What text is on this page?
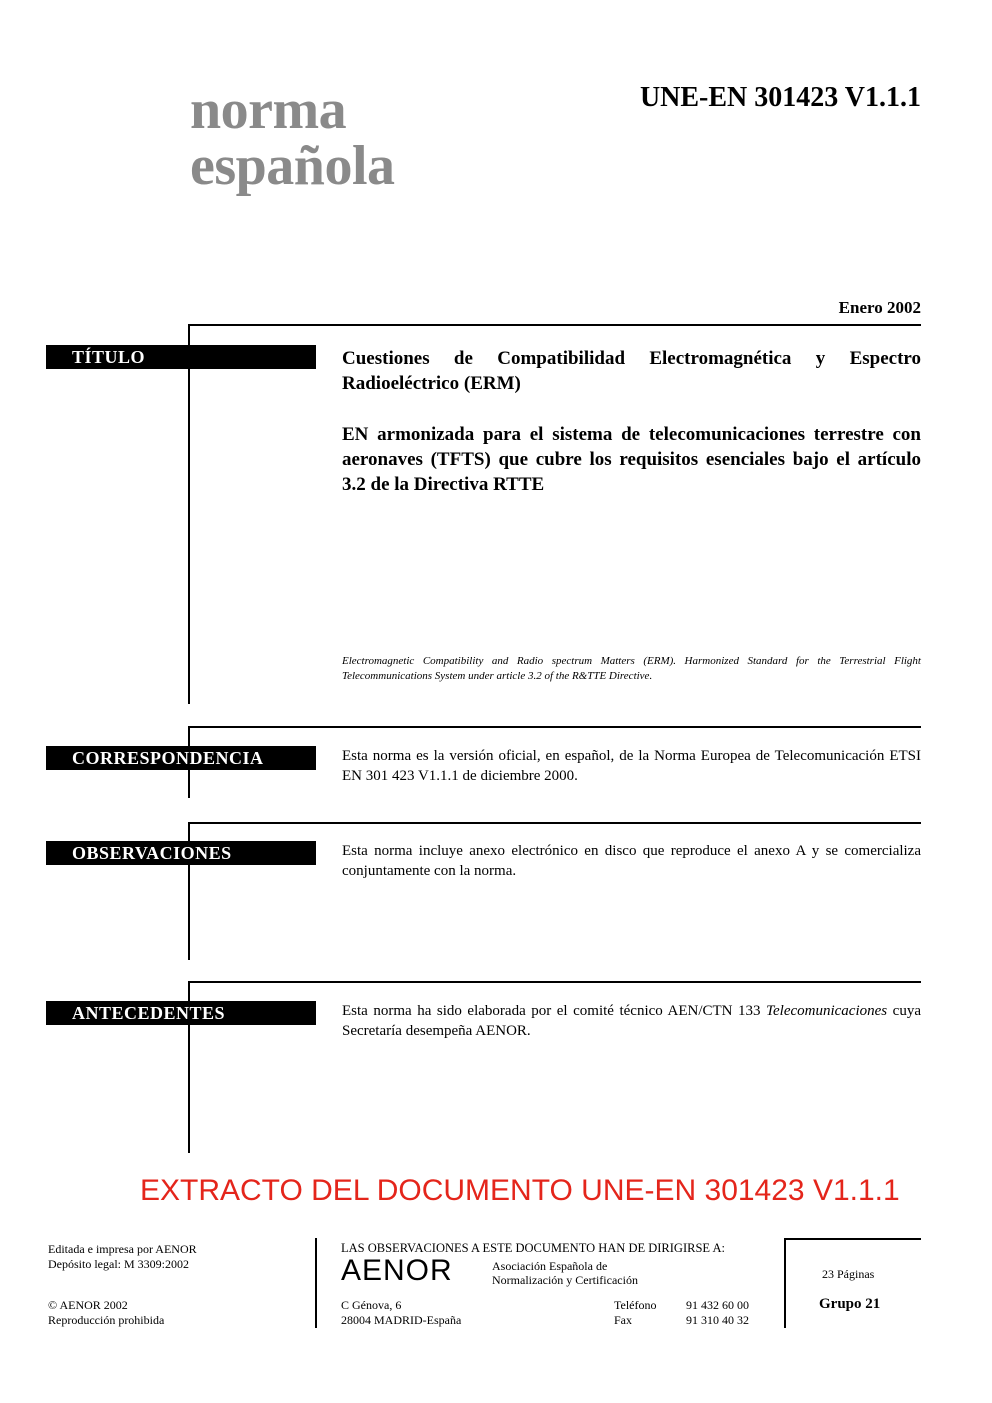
norma
española
UNE-EN 301423 V1.1.1
Enero 2002
TÍTULO	Cuestiones de Compatibilidad Electromagnética y Espectro Radioeléctrico (ERM)
EN armonizada para el sistema de telecomunicaciones terrestre con aeronaves (TFTS) que cubre los requisitos esenciales bajo el artículo 3.2 de la Directiva RTTE
Electromagnetic Compatibility and Radio spectrum Matters (ERM). Harmonized Standard for the Terrestrial Flight Telecommunications System under article 3.2 of the R&TTE Directive.
CORRESPONDENCIA	Esta norma es la versión oficial, en español, de la Norma Europea de Telecomunicación ETSI EN 301 423 V1.1.1 de diciembre 2000.
OBSERVACIONES	Esta norma incluye anexo electrónico en disco que reproduce el anexo A y se comercializa conjuntamente con la norma.
ANTECEDENTES	Esta norma ha sido elaborada por el comité técnico AEN/CTN 133 Telecomunicaciones cuya Secretaría desempeña AENOR.
EXTRACTO DEL DOCUMENTO UNE-EN 301423 V1.1.1
Editada e impresa por AENOR
Depósito legal: M 3309:2002
© AENOR 2002
Reproducción prohibida
LAS OBSERVACIONES A ESTE DOCUMENTO HAN DE DIRIGIRSE A:
AENOR	Asociación Española de
Normalización y Certificación
C Génova, 6
28004 MADRID-España
Teléfono 91 432 60 00
Fax	91 310 40 32
23 Páginas
Grupo 21
